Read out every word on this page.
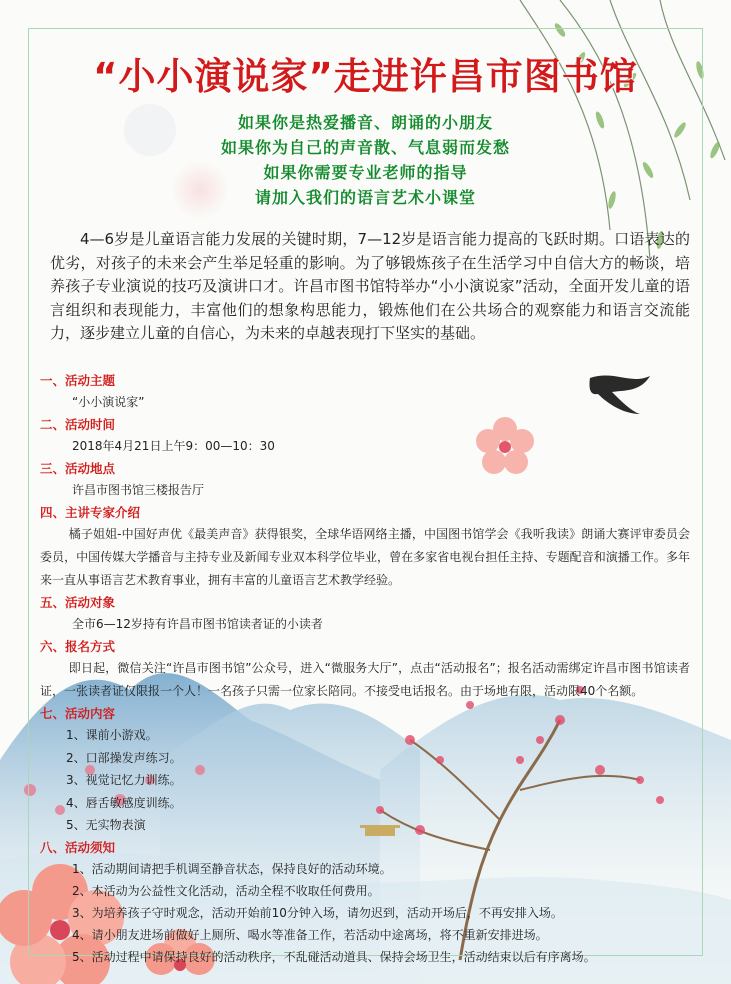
“小小演说家”走进许昌市图书馆
如果你是热爱播音、朗诵的小朋友
如果你为自己的声音散、气息弱而发愁
如果你需要专业老师的指导
请加入我们的语言艺术小课堂
4—6岁是儿童语言能力发展的关键时期，7—12岁是语言能力提高的飞跃时期。口语表达的优劣，对孩子的未来会产生举足轻重的影响。为了够锻炼孩子在生活学习中自信大方的畅谈，培养孩子专业演说的技巧及演讲口才。许昌市图书馆特举办“小小演说家”活动，全面开发儿童的语言组织和表现能力，丰富他们的想象构思能力，锻炼他们在公共场合的观察能力和语言交流能力，逐步建立儿童的自信心，为未来的卓越表现打下坚实的基础。
一、活动主题
“小小演说家”
二、活动时间
2018年4月21日上午9：00—10：30
三、活动地点
许昌市图书馆三楼报告厅
四、主讲专家介绍
橘子姐姐-中国好声优《最美声音》获得银奖，全球华语网络主播，中国图书馆学会《我听我读》朗诵大赛评审委员会委员，中国传媒大学播音与主持专业及新闻专业双本科学位毕业，曾在多家省电视台担任主持、专题配音和演播工作。多年来一直从事语言艺术教育事业，拥有丰富的儿童语言艺术教学经验。
五、活动对象
全市6—12岁持有许昌市图书馆读者证的小读者
六、报名方式
即日起，微信关注“许昌市图书馆”公众号，进入“微服务大厅”，点击“活动报名”；报名活动需绑定许昌市图书馆读者证，一张读者证仅限报一个人！一名孩子只需一位家长陪同。不接受电话报名。由于场地有限，活动限40个名额。
七、活动内容
1、课前小游戏。
2、口部操发声练习。
3、视觉记忆力训练。
4、唇舌敏感度训练。
5、无实物表演
八、活动须知
1、活动期间请把手机调至静音状态，保持良好的活动环境。
2、本活动为公益性文化活动，活动全程不收取任何费用。
3、为培养孩子守时观念，活动开始前10分钟入场，请勿迟到，活动开场后，不再安排入场。
4、请小朋友进场前做好上厕所、喝水等准备工作，若活动中途离场，将不重新安排进场。
5、活动过程中请保持良好的活动秩序，不乱碰活动道具、保持会场卫生，活动结束以后有序离场。
